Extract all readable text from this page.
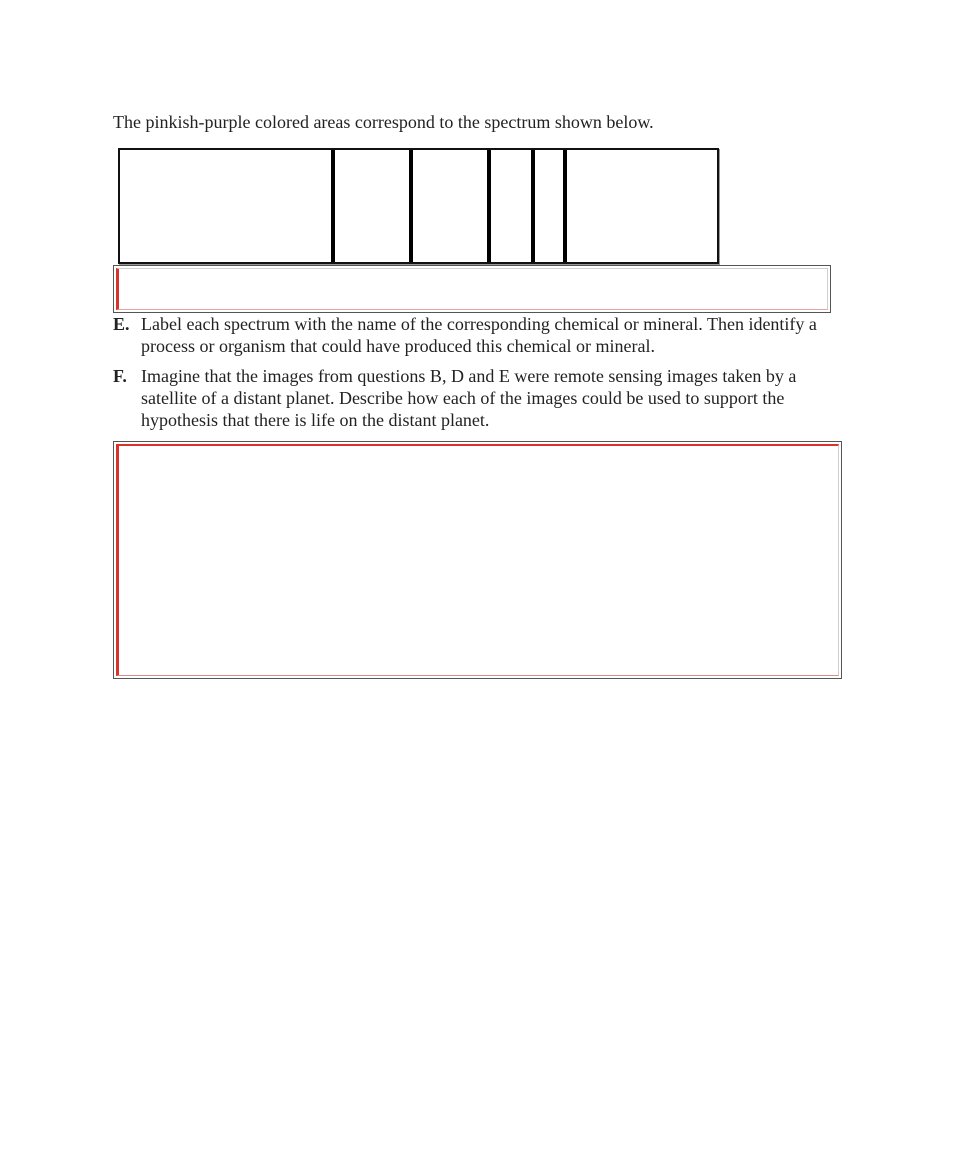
The pinkish-purple colored areas correspond to the spectrum shown below.

E. Label each spectrum with the name of the corresponding chemical or mineral. Then identify a process or organism that could have produced this chemical or mineral.
F. Imagine that the images from questions B, D and E were remote sensing images taken by a satellite of a distant planet. Describe how each of the images could be used to support the hypothesis that there is life on the distant planet.
